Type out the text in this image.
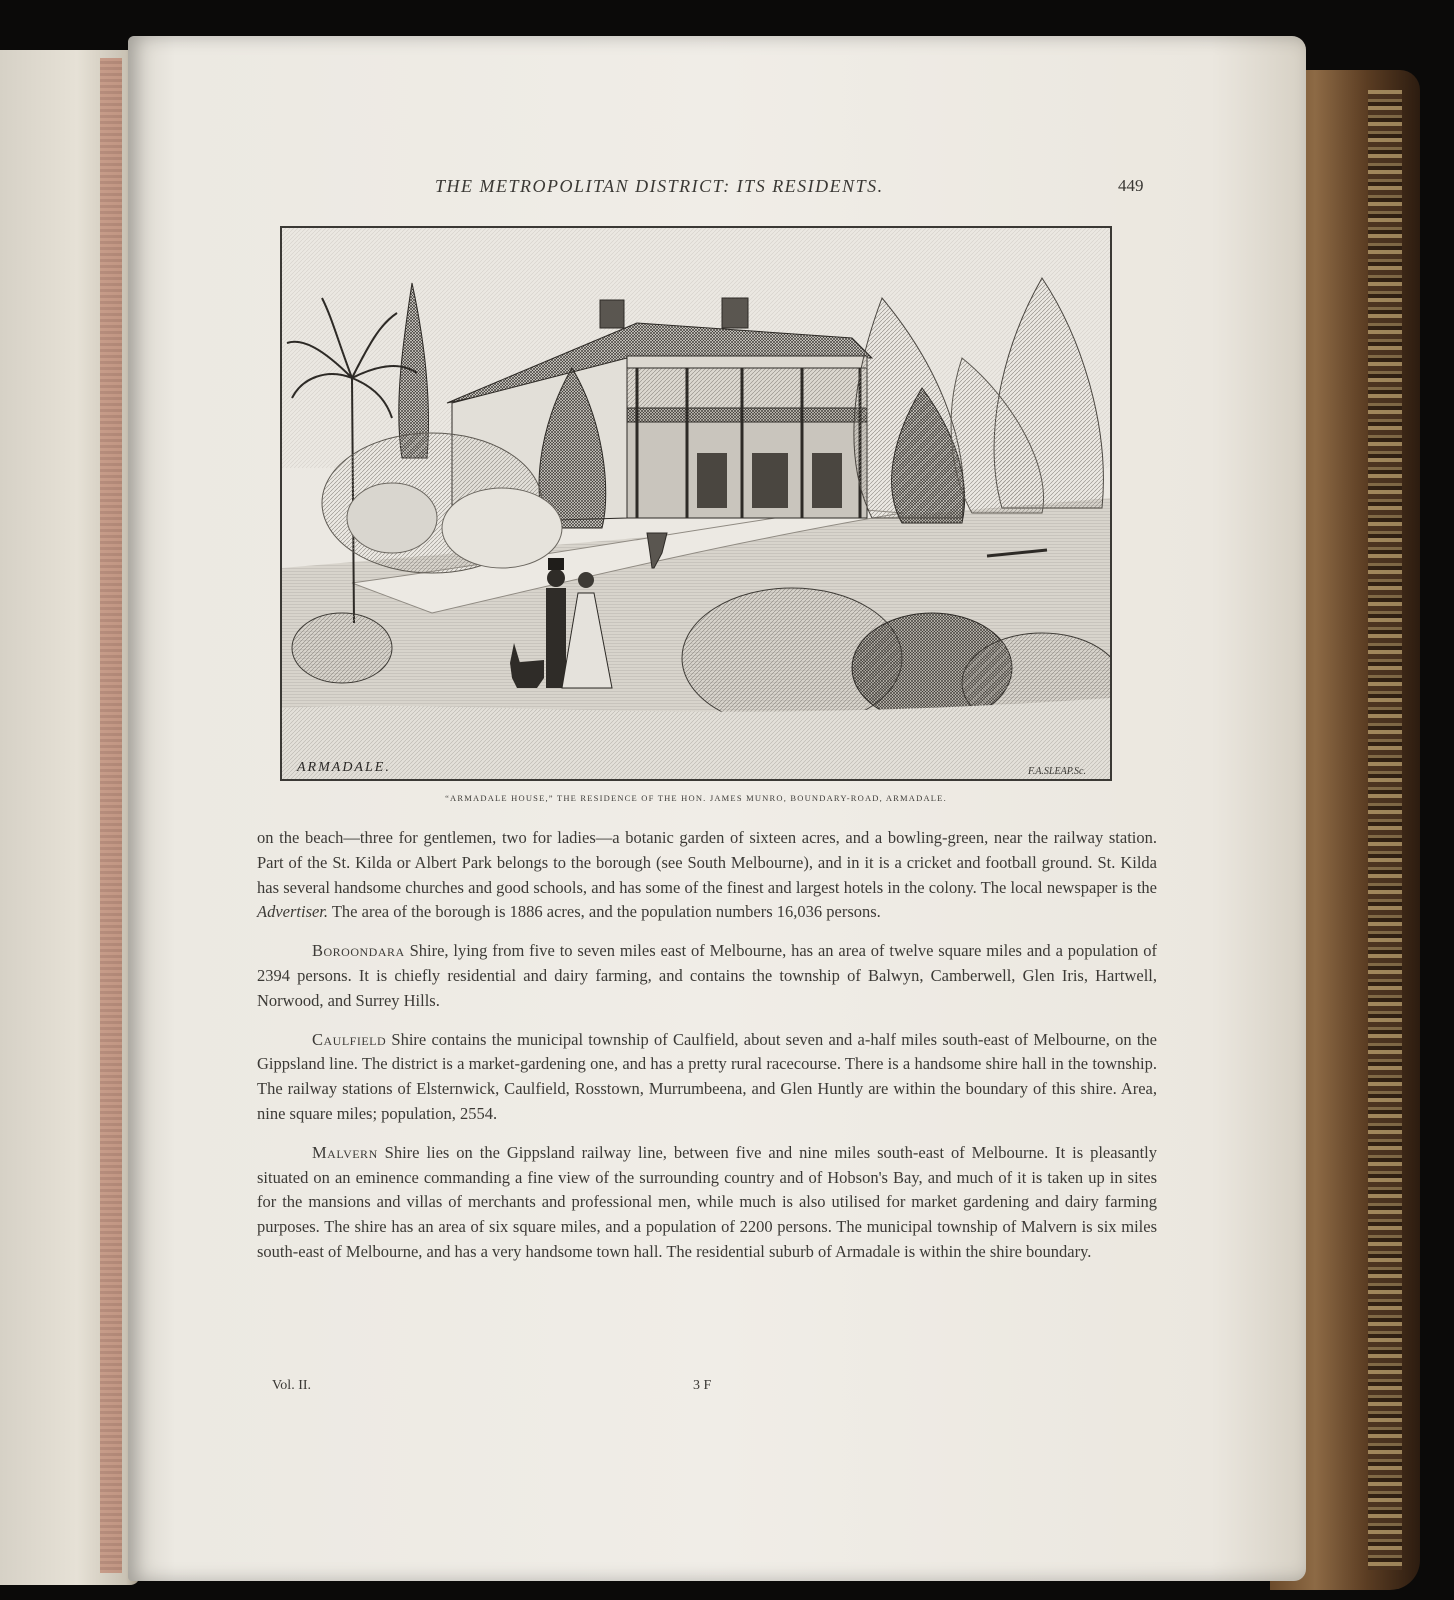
THE METROPOLITAN DISTRICT: ITS RESIDENTS.	449
ARMADALE.	F.A.SLEAP.Sc.
“ARMADALE HOUSE,” THE RESIDENCE OF THE HON. JAMES MUNRO, BOUNDARY-ROAD, ARMADALE.

on the beach—three for gentlemen, two for ladies—a botanic garden of sixteen acres, and a bowling-green, near the railway station. Part of the St. Kilda or Albert Park belongs to the borough (see South Melbourne), and in it is a cricket and football ground. St. Kilda has several handsome churches and good schools, and has some of the finest and largest hotels in the colony. The local newspaper is the Advertiser. The area of the borough is 1886 acres, and the population numbers 16,036 persons.

Boroondara Shire, lying from five to seven miles east of Melbourne, has an area of twelve square miles and a population of 2394 persons. It is chiefly residential and dairy farming, and contains the township of Balwyn, Camberwell, Glen Iris, Hartwell, Norwood, and Surrey Hills.

Caulfield Shire contains the municipal township of Caulfield, about seven and a-half miles south-east of Melbourne, on the Gippsland line. The district is a market-gardening one, and has a pretty rural racecourse. There is a handsome shire hall in the township. The railway stations of Elsternwick, Caulfield, Rosstown, Murrumbeena, and Glen Huntly are within the boundary of this shire. Area, nine square miles; population, 2554.

Malvern Shire lies on the Gippsland railway line, between five and nine miles south-east of Melbourne. It is pleasantly situated on an eminence commanding a fine view of the surrounding country and of Hobson's Bay, and much of it is taken up in sites for the mansions and villas of merchants and professional men, while much is also utilised for market gardening and dairy farming purposes. The shire has an area of six square miles, and a population of 2200 persons. The municipal township of Malvern is six miles south-east of Melbourne, and has a very handsome town hall. The residential suburb of Armadale is within the shire boundary.

Vol. II.	3 F
